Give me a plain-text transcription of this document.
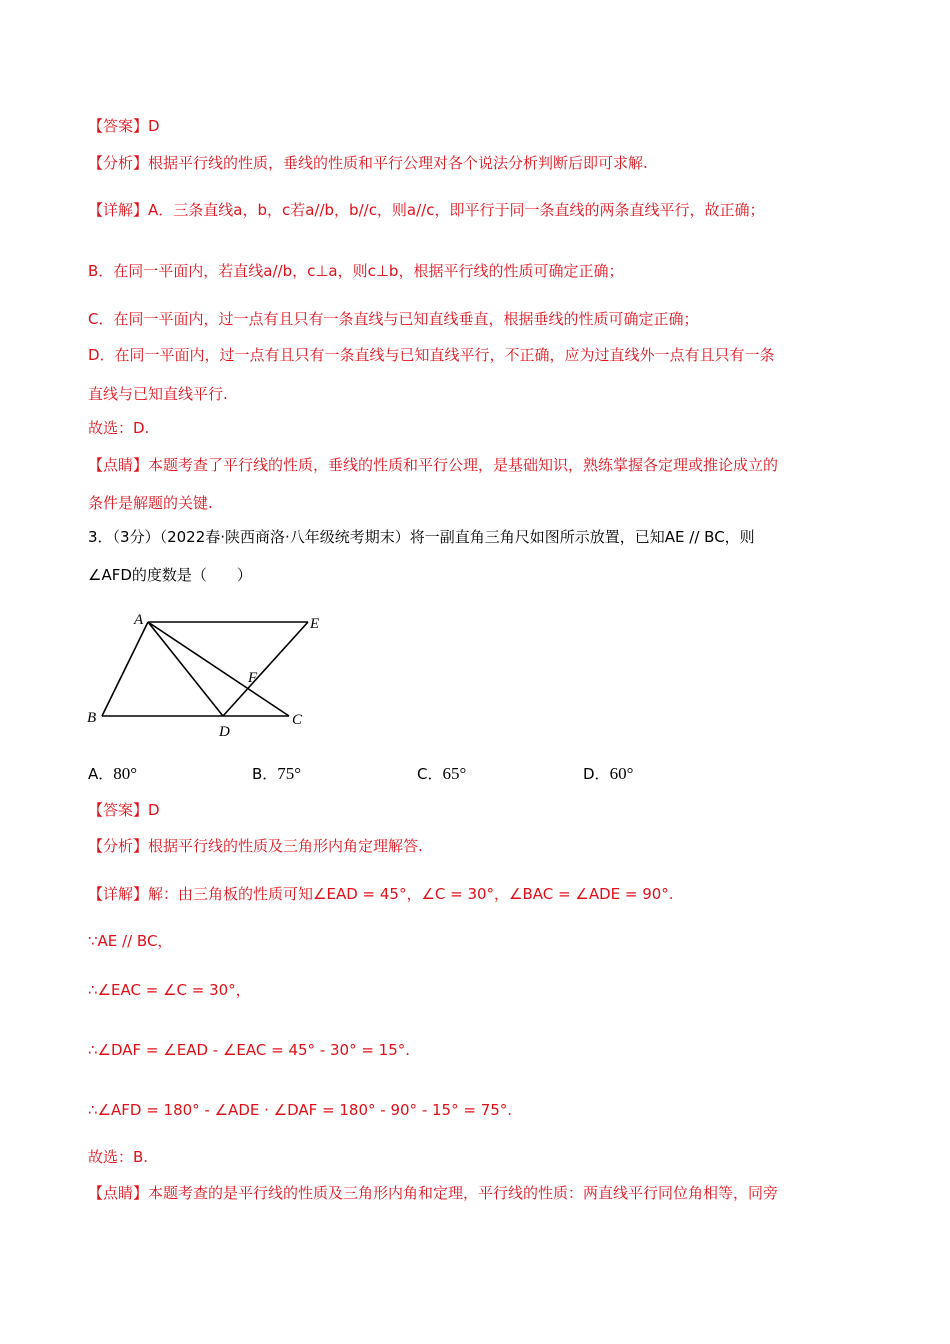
【答案】D
【分析】根据平行线的性质，垂线的性质和平行公理对各个说法分析判断后即可求解.
【详解】A．三条直线a，b，c若a//b，b//c，则a//c，即平行于同一条直线的两条直线平行，故正确；
B．在同一平面内，若直线a//b，c⊥a，则c⊥b，根据平行线的性质可确定正确；
C．在同一平面内，过一点有且只有一条直线与已知直线垂直，根据垂线的性质可确定正确；
D．在同一平面内，过一点有且只有一条直线与已知直线平行，不正确，应为过直线外一点有且只有一条
直线与已知直线平行.
故选：D.
【点睛】本题考查了平行线的性质，垂线的性质和平行公理，是基础知识，熟练掌握各定理或推论成立的
条件是解题的关键.
3．（3分）（2022春·陕西商洛·八年级统考期末）将一副直角三角尺如图所示放置，已知AE // BC，则
∠AFD的度数是（　　）
A	E
F
B
D
C
A．80°	B．75°	C．65°	D．60°
【答案】D
【分析】根据平行线的性质及三角形内角定理解答.
【详解】解：由三角板的性质可知∠EAD = 45°，∠C = 30°，∠BAC = ∠ADE = 90°.
∵AE // BC，
∴∠EAC = ∠C = 30°，
∴∠DAF = ∠EAD - ∠EAC = 45° - 30° = 15°.
∴∠AFD = 180° - ∠ADE · ∠DAF = 180° - 90° - 15° = 75°.
故选：B.
【点睛】本题考查的是平行线的性质及三角形内角和定理，平行线的性质：两直线平行同位角相等，同旁
